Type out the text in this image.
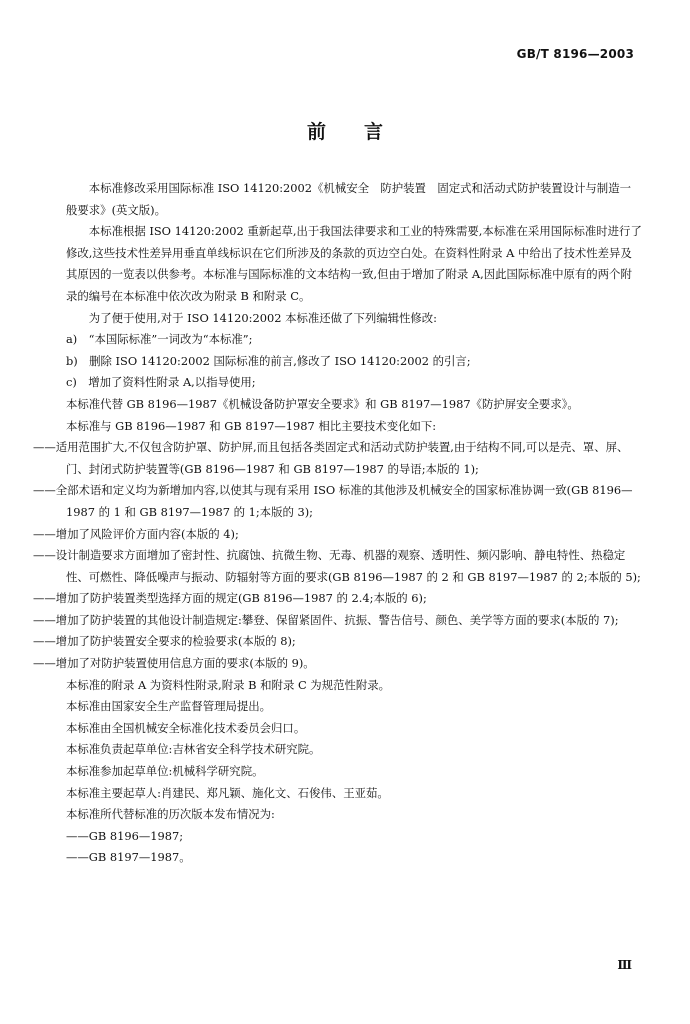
GB/T 8196—2003
前言

本标准修改采用国际标准 ISO 14120:2002《机械安全　防护装置　固定式和活动式防护装置设计与制造一般要求》(英文版)。

本标准根据 ISO 14120:2002 重新起草,出于我国法律要求和工业的特殊需要,本标准在采用国际标准时进行了修改,这些技术性差异用垂直单线标识在它们所涉及的条款的页边空白处。在资料性附录 A 中给出了技术性差异及其原因的一览表以供参考。本标准与国际标准的文本结构一致,但由于增加了附录 A,因此国际标准中原有的两个附录的编号在本标准中依次改为附录 B 和附录 C。

为了便于使用,对于 ISO 14120:2002 本标准还做了下列编辑性修改:

a)　“本国际标准”一词改为“本标准”;

b)　删除 ISO 14120:2002 国际标准的前言,修改了 ISO 14120:2002 的引言;

c)　增加了资料性附录 A,以指导使用;

本标准代替 GB 8196—1987《机械设备防护罩安全要求》和 GB 8197—1987《防护屏安全要求》。

本标准与 GB 8196—1987 和 GB 8197—1987 相比主要技术变化如下:

——适用范围扩大,不仅包含防护罩、防护屏,而且包括各类固定式和活动式防护装置,由于结构不同,可以是壳、罩、屏、门、封闭式防护装置等(GB 8196—1987 和 GB 8197—1987 的导语;本版的 1);

——全部术语和定义均为新增加内容,以使其与现有采用 ISO 标准的其他涉及机械安全的国家标准协调一致(GB 8196—1987 的 1 和 GB 8197—1987 的 1;本版的 3);

——增加了风险评价方面内容(本版的 4);

——设计制造要求方面增加了密封性、抗腐蚀、抗微生物、无毒、机器的观察、透明性、频闪影响、静电特性、热稳定性、可燃性、降低噪声与振动、防辐射等方面的要求(GB 8196—1987 的 2 和 GB 8197—1987 的 2;本版的 5);

——增加了防护装置类型选择方面的规定(GB 8196—1987 的 2.4;本版的 6);

——增加了防护装置的其他设计制造规定:攀登、保留紧固件、抗振、警告信号、颜色、美学等方面的要求(本版的 7);

——增加了防护装置安全要求的检验要求(本版的 8);

——增加了对防护装置使用信息方面的要求(本版的 9)。

本标准的附录 A 为资料性附录,附录 B 和附录 C 为规范性附录。

本标准由国家安全生产监督管理局提出。

本标准由全国机械安全标准化技术委员会归口。

本标准负责起草单位:吉林省安全科学技术研究院。

本标准参加起草单位:机械科学研究院。

本标准主要起草人:肖建民、郑凡颖、施化文、石俊伟、王亚茹。

本标准所代替标准的历次版本发布情况为:

——GB 8196—1987;

——GB 8197—1987。

Ⅲ
